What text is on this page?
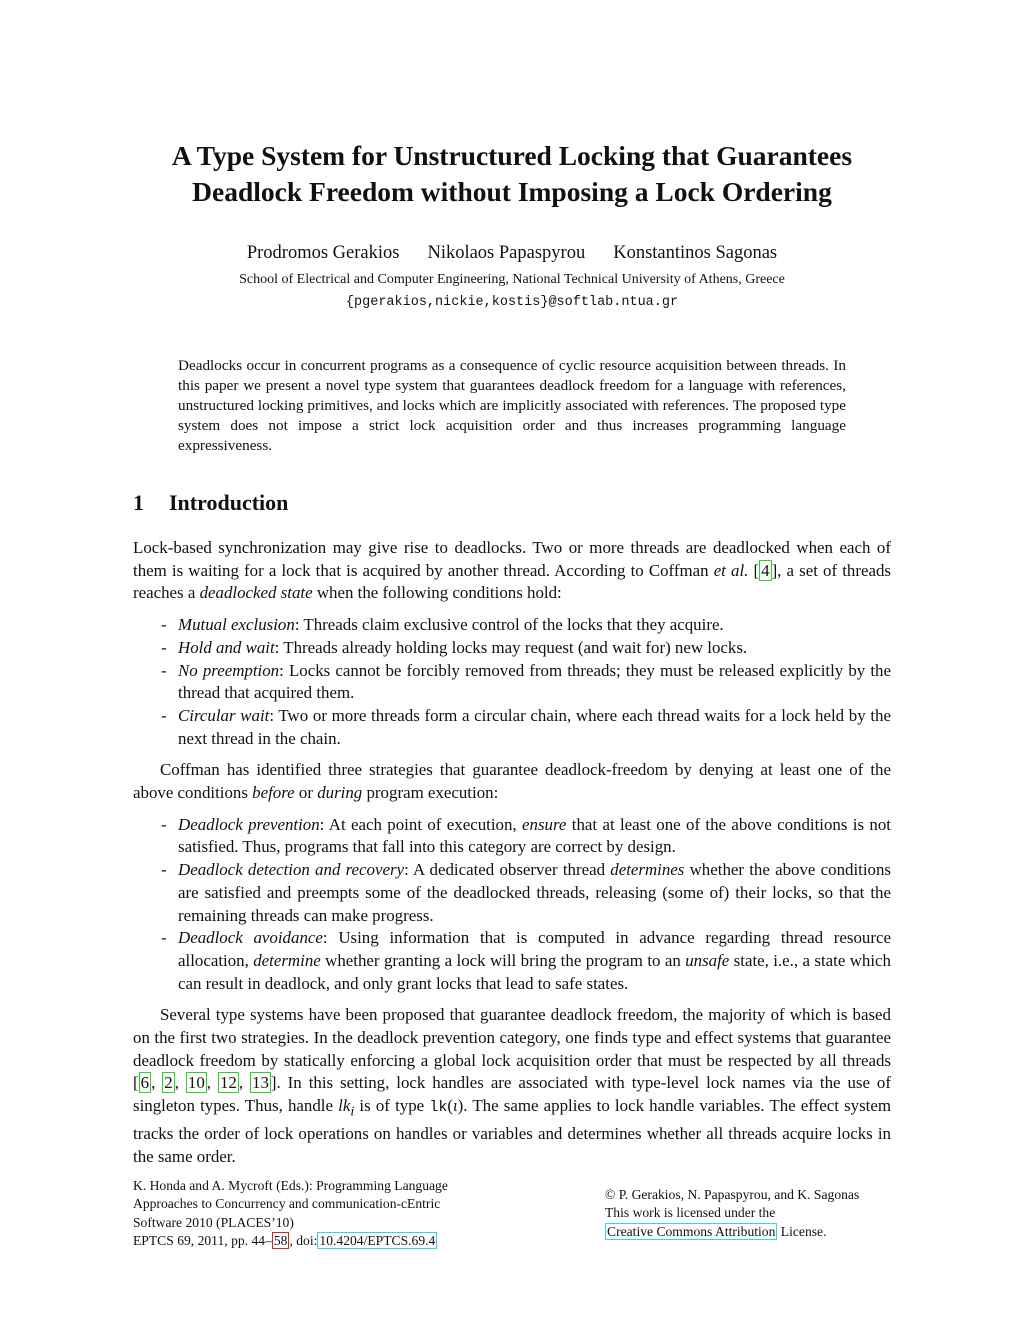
A Type System for Unstructured Locking that Guarantees
Deadlock Freedom without Imposing a Lock Ordering
Prodromos Gerakios Nikolaos Papaspyrou Konstantinos Sagonas
School of Electrical and Computer Engineering, National Technical University of Athens, Greece
{pgerakios,nickie,kostis}@softlab.ntua.gr
Deadlocks occur in concurrent programs as a consequence of cyclic resource acquisition between threads. In this paper we present a novel type system that guarantees deadlock freedom for a language with references, unstructured locking primitives, and locks which are implicitly associated with references. The proposed type system does not impose a strict lock acquisition order and thus increases programming language expressiveness.
1 Introduction

Lock-based synchronization may give rise to deadlocks. Two or more threads are deadlocked when each of them is waiting for a lock that is acquired by another thread. According to Coffman et al. [ 4 ], a set of threads reaches a deadlocked state when the following conditions hold:

- Mutual exclusion: Threads claim exclusive control of the locks that they acquire.
- Hold and wait: Threads already holding locks may request (and wait for) new locks.
- No preemption: Locks cannot be forcibly removed from threads; they must be released explicitly by the thread that acquired them.
- Circular wait: Two or more threads form a circular chain, where each thread waits for a lock held by the next thread in the chain.

Coffman has identified three strategies that guarantee deadlock-freedom by denying at least one of the above conditions before or during program execution:

- Deadlock prevention: At each point of execution, ensure that at least one of the above conditions is not satisfied. Thus, programs that fall into this category are correct by design.
- Deadlock detection and recovery: A dedicated observer thread determines whether the above conditions are satisfied and preempts some of the deadlocked threads, releasing (some of) their locks, so that the remaining threads can make progress.
- Deadlock avoidance: Using information that is computed in advance regarding thread resource allocation, determine whether granting a lock will bring the program to an unsafe state, i.e., a state which can result in deadlock, and only grant locks that lead to safe states.

Several type systems have been proposed that guarantee deadlock freedom, the majority of which is based on the first two strategies. In the deadlock prevention category, one finds type and effect systems that guarantee deadlock freedom by statically enforcing a global lock acquisition order that must be respected by all threads [ 6 , 2 , 10 , 12 , 13 ]. In this setting, lock handles are associated with type-level lock names via the use of singleton types. Thus, handle $lk_i$ is of type lk(ι). The same applies to lock handle variables. The effect system tracks the order of lock operations on handles or variables and determines whether all threads acquire locks in the same order.

K. Honda and A. Mycroft (Eds.): Programming Language
Approaches to Concurrency and communication-cEntric
Software 2010 (PLACES’10)
EPTCS 69, 2011, pp. 44– 58 , doi: 10.4204/EPTCS.69.4
© P. Gerakios, N. Papaspyrou, and K. Sagonas
This work is licensed under the
Creative Commons Attribution License.
